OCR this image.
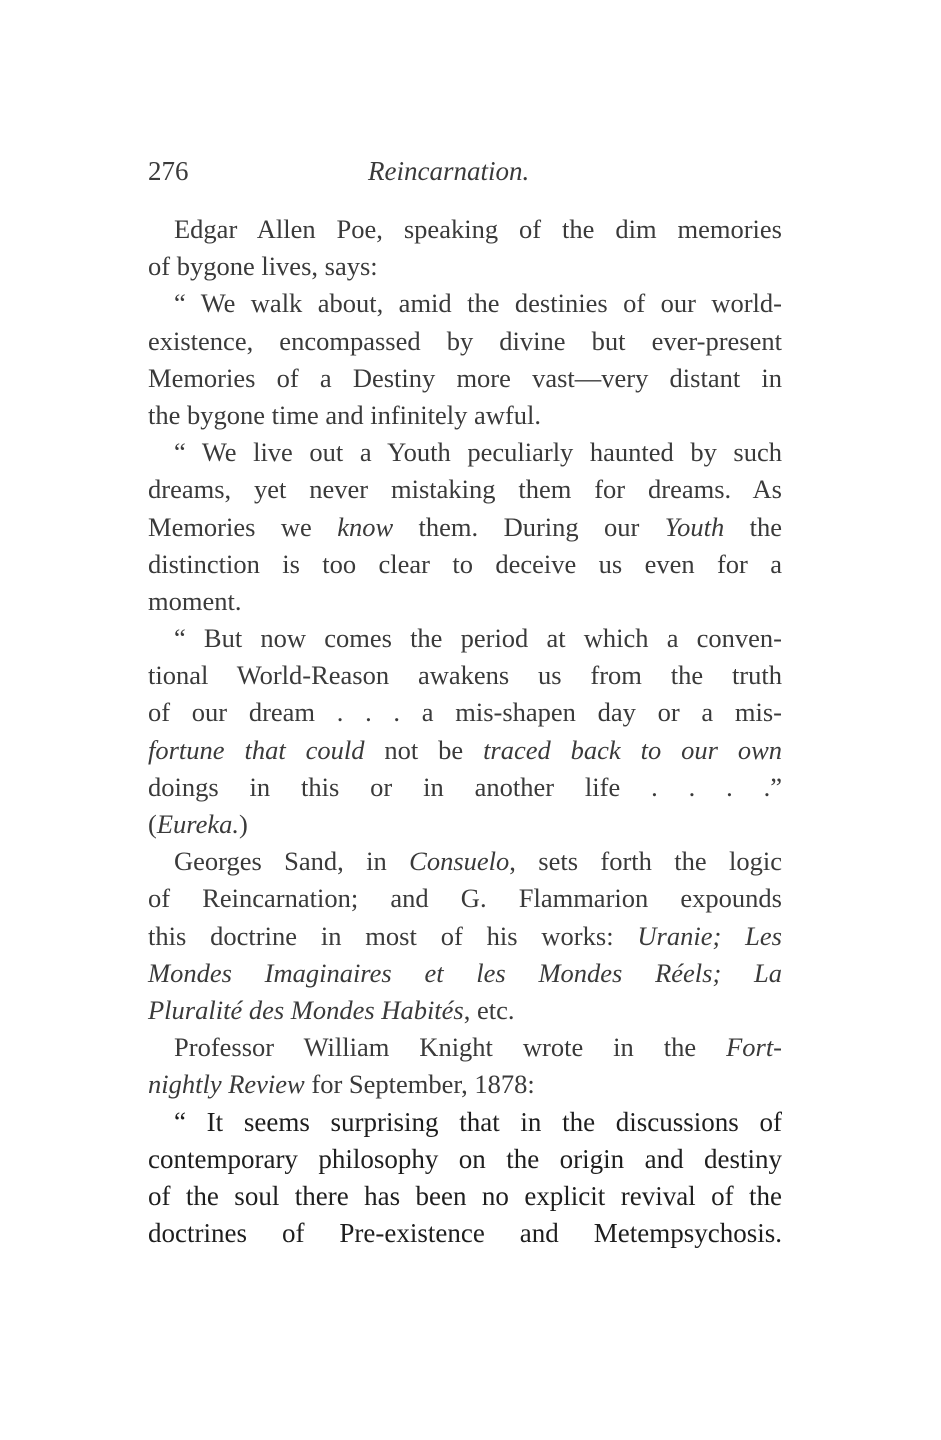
276	Reincarnation.
Edgar Allen Poe, speaking of the dim memories
of bygone lives, says:
“ We walk about, amid the destinies of our world-
existence, encompassed by divine but ever-present
Memories of a Destiny more vast—very distant in
the bygone time and infinitely awful.
“ We live out a Youth peculiarly haunted by such
dreams, yet never mistaking them for dreams. As
Memories we know them. During our Youth the
distinction is too clear to deceive us even for a
moment.
“ But now comes the period at which a conven-
tional World-Reason awakens us from the truth
of our dream . . . a mis-shapen day or a mis-
fortune that could not be traced back to our own
doings in this or in another life . . . .”
(Eureka.)
Georges Sand, in Consuelo, sets forth the logic
of Reincarnation; and G. Flammarion expounds
this doctrine in most of his works: Uranie; Les
Mondes Imaginaires et les Mondes Réels; La
Pluralité des Mondes Habités, etc.
Professor William Knight wrote in the Fort-
nightly Review for September, 1878:
“ It seems surprising that in the discussions of
contemporary philosophy on the origin and destiny
of the soul there has been no explicit revival of the
doctrines of Pre-existence and Metempsychosis.
